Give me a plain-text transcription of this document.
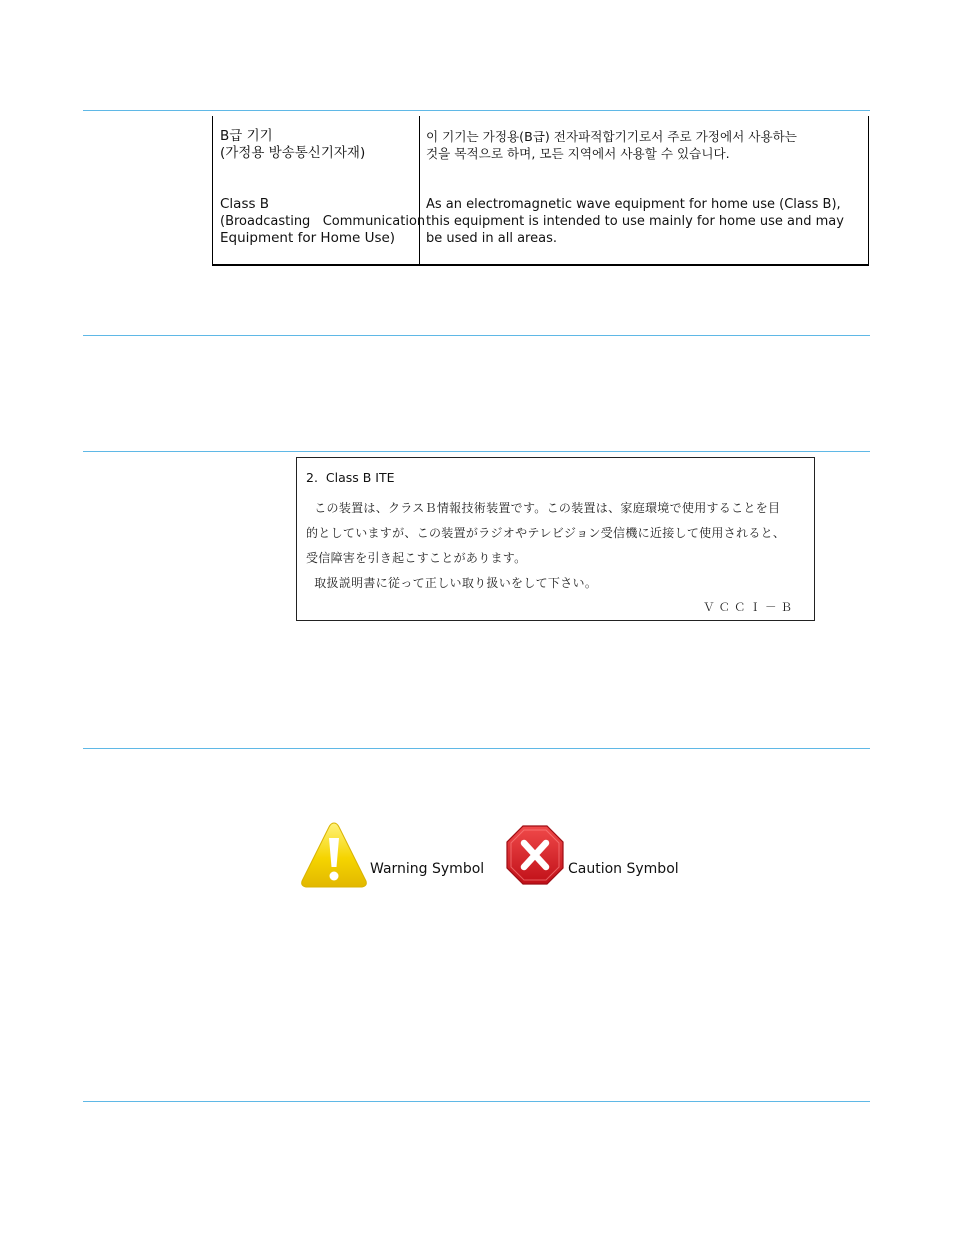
B급 기기
(가정용 방송통신기자재)
Class B
(Broadcasting   Communication
Equipment for Home Use)
이 기기는 가정용(B급) 전자파적합기기로서 주로 가정에서 사용하는
것을 목적으로 하며, 모든 지역에서 사용할 수 있습니다.
As an electromagnetic wave equipment for home use (Class B),
this equipment is intended to use mainly for home use and may
be used in all areas.
2.  Class B ITE
この装置は、クラスＢ情報技術装置です。この装置は、家庭環境で使用することを目
的としていますが、この装置がラジオやテレビジョン受信機に近接して使用されると、
受信障害を引き起こすことがあります。
取扱説明書に従って正しい取り扱いをして下さい。
ＶＣＣＩ－Ｂ
Warning Symbol	Caution Symbol
